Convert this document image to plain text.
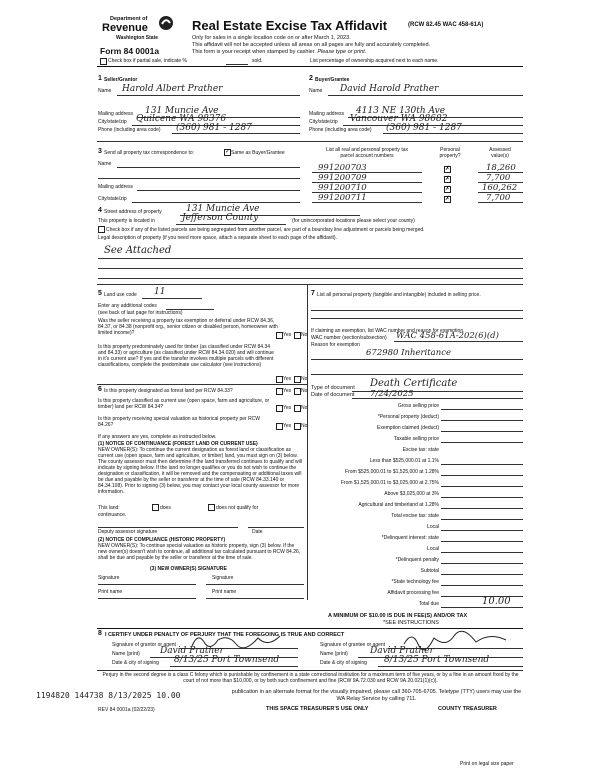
Department of
Revenue
Washington State
Form 84 0001a
Real Estate Excise Tax Affidavit	(RCW 82.45 WAC 458-61A)
Only for sales in a single location code on or after March 1, 2023.
This affidavit will not be accepted unless all areas on all pages are fully and accurately completed.
This form is your receipt when stamped by cashier. Please type or print.
Check box if partial sale, indicate %	sold.	List percentage of ownership acquired next to each name.
1 Seller/Grantor
Name Harold Albert Prather
Mailing address 131 Muncie Ave
City/state/zip Quilcene WA 98376
Phone (including area code) (360) 981 - 1287
2 Buyer/Grantee
Name David Harold Prather
Mailing address 4113 NE 130th Ave
City/state/zip Vancouver WA 98682
Phone (including area code) (360) 981 - 1287
3 Send all property tax correspondence to:	✓ Same as Buyer/Grantee
Name
Mailing address
City/state/zip
List all real and personal property tax
parcel account numbers
Personal
property?
Assessed
value(s)
991200703	✗	18,260
991200709	✗	7,700
991200710	✗	160,262
991200711	✗	7,700
4 Street address of property	131 Muncie Ave
This property is located in	Jefferson County	(for unincorporated locations please select your county)
Check box if any of the listed parcels are being segregated from another parcel, are part of a boundary line adjustment or parcels being merged.
Legal description of property (if you need more space, attach a separate sheet to each page of the affidavit).
See Attached
5 Land use code 11
Enter any additional codes
(see back of last page for instructions)
Was the seller receiving a property tax exemption or deferral under RCW 84.36, 84.37, or 84.38 (nonprofit org., senior citizen or disabled person, homeowner with limited income)?	Yes No
Is this property predominately used for timber (as classified under RCW 84.34 and 84.33) or agriculture (as classified under RCW 84.34.020) and will continue in it's current use? If yes and the transfer involves multiple parcels with different classifications, complete the predominate use calculator (see instructions)
Yes No
6 Is this property designated as forest land per RCW 84.33?	Yes No
Is this property classified as current use (open space, farm and agriculture, or timber) land per RCW 84.34?	Yes No
Is this property receiving special valuation as historical property per RCW 84.26?	Yes No
If any answers are yes, complete as instructed below.
(1) NOTICE OF CONTINUANCE (FOREST LAND OR CURRENT USE)
NEW OWNER(S): To continue the current designation as forest land or classification as current use (open space, farm and agriculture, or timber) land, you must sign on (3) below. The county assessor must then determine if the land transferred continues to qualify and will indicate by signing below. If the land no longer qualifies or you do not wish to continue the designation or classification, it will be removed and the compensating or additional taxes will be due and payable by the seller or transferor at the time of sale (RCW 84.33.140 or 84.34.108). Prior to signing (3) below, you may contact your local county assessor for more information.
This land:	does	does not qualify for
continuance.
Deputy assessor signature	Date
(2) NOTICE OF COMPLIANCE (HISTORIC PROPERTY)
NEW OWNER(S): To continue special valuation as historic property, sign (3) below. If the new owner(s) doesn't wish to continue, all additional tax calculated pursuant to RCW 84.26, shall be due and payable by the seller or transferor at the time of sale.
(3) NEW OWNER(S) SIGNATURE
Signature	Signature
Print name	Print name
7 List all personal property (tangible and intangible) included in selling price.
If claiming an exemption, list WAC number and reason for exemption.
WAC number (section/subsection) WAC 458-61A-202(6)(d)
Reason for exemption
672980 Inheritance
Type of document Death Certificate
Date of document 7/24/2025
Gross selling price
*Personal property (deduct)
Exemption claimed (deduct)
Taxable selling price
Excise tax: state
Less than $525,000.01 at 1.1%
From $525,000.01 to $1,525,000 at 1.28%
From $1,525,000.01 to $3,025,000 at 2.75%
Above $3,025,000 at 3%
Agricultural and timberland at 1.28%
Total excise tax: state
Local
*Delinquent interest: state
Local
*Delinquent penalty
Subtotal
*State technology fee
Affidavit processing fee
Total due	10.00
A MINIMUM OF $10.00 IS DUE IN FEE(S) AND/OR TAX
*SEE INSTRUCTIONS
8 I CERTIFY UNDER PENALTY OF PERJURY THAT THE FOREGOING IS TRUE AND CORRECT
Signature of grantor or agent
Name (print) David Prather
Date & city of signing 8/13/25 Port Townsend
Signature of grantee or agent
Name (print) David Prather
Date & city of signing 8/13/25 Port Townsend
Perjury in the second degree is a class C felony which is punishable by confinement in a state correctional institution for a maximum term of five years, or by a fine in an amount fixed by the court of not more than $10,000, or by both such confinement and fine (RCW 9A.72.030 and RCW 9A.20.021(1)(c)).
1194820 144738 8/13/2025 10.00	publication in an alternate format for the visually impaired, please call 360-705-6705. Teletype (TTY) users may use the WA Relay Service by calling 711.
REV 84 0001a (02/22/23)	THIS SPACE TREASURER'S USE ONLY	COUNTY TREASURER
Print on legal size paper
